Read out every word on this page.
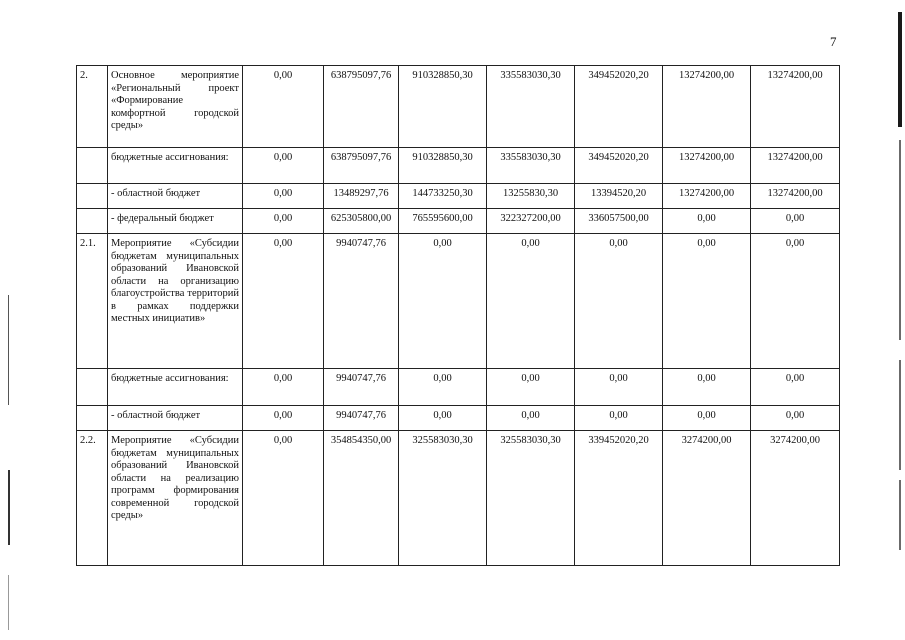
7
2.	Основное мероприятие «Региональный проект «Формирование комфортной городской среды»	0,00	638795097,76	910328850,30	335583030,30	349452020,20	13274200,00	13274200,00
	бюджетные ассигнования:	0,00	638795097,76	910328850,30	335583030,30	349452020,20	13274200,00	13274200,00
	- областной бюджет	0,00	13489297,76	144733250,30	13255830,30	13394520,20	13274200,00	13274200,00
	- федеральный бюджет	0,00	625305800,00	765595600,00	322327200,00	336057500,00	0,00	0,00
2.1.	Мероприятие «Субсидии бюджетам муниципальных образований Ивановской области на организацию благоустройства территорий в рамках поддержки местных инициатив»	0,00	9940747,76	0,00	0,00	0,00	0,00	0,00
	бюджетные ассигнования:	0,00	9940747,76	0,00	0,00	0,00	0,00	0,00
	- областной бюджет	0,00	9940747,76	0,00	0,00	0,00	0,00	0,00
2.2.	Мероприятие «Субсидии бюджетам муниципальных образований Ивановской области на реализацию программ формирования современной городской среды»	0,00	354854350,00	325583030,30	325583030,30	339452020,20	3274200,00	3274200,00
